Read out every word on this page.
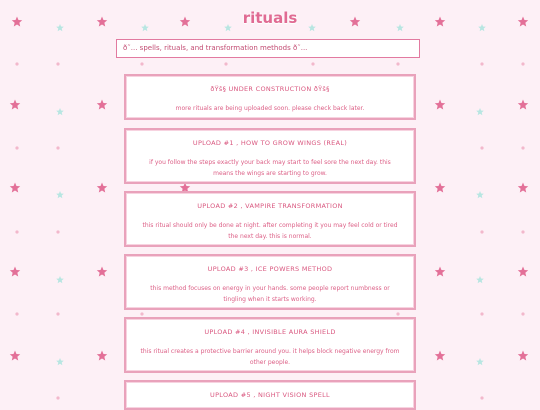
rituals
ð˜... spells, rituals, and transformation methods ð˜...
ðŸš§ UNDER CONSTRUCTION ðŸš§
more rituals are being uploaded soon. please check back later.
UPLOAD #1 , HOW TO GROW WINGS (REAL)
if you follow the steps exactly your back may start to feel sore the next day. this means the wings are starting to grow.
UPLOAD #2 , VAMPIRE TRANSFORMATION
this ritual should only be done at night. after completing it you may feel cold or tired the next day. this is normal.
UPLOAD #3 , ICE POWERS METHOD
this method focuses on energy in your hands. some people report numbness or tingling when it starts working.
UPLOAD #4 , INVISIBLE AURA SHIELD
this ritual creates a protective barrier around you. it helps block negative energy from other people.
UPLOAD #5 , NIGHT VISION SPELL
